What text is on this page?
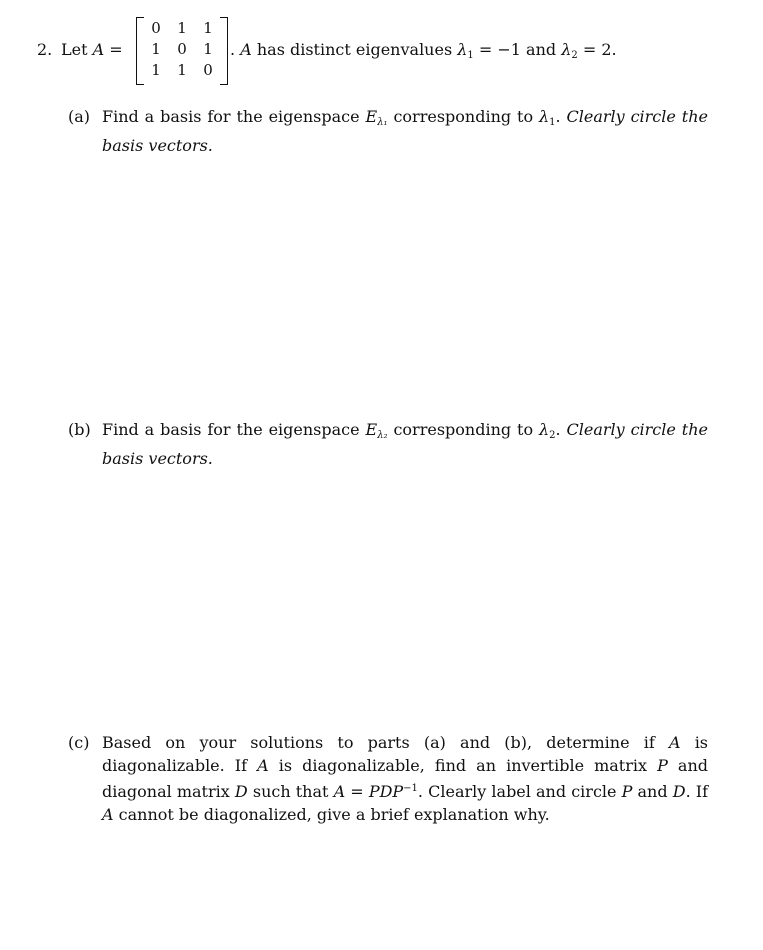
2. Let A =
0	1	1
1	0	1
1	1	0
. A has distinct eigenvalues $\lambda_1 = -1$ and $\lambda_2 = 2$.
(a) Find a basis for the eigenspace $E_{\lambda_1}$ corresponding to $\lambda_1$. Clearly circle the basis vectors.
(b) Find a basis for the eigenspace $E_{\lambda_2}$ corresponding to $\lambda_2$. Clearly circle the basis vectors.
(c) Based on your solutions to parts (a) and (b), determine if A is diagonalizable. If A is diagonalizable, find an invertible matrix P and diagonal matrix D such that $A = PDP^{-1}$. Clearly label and circle P and D. If A cannot be diagonalized, give a brief explanation why.
